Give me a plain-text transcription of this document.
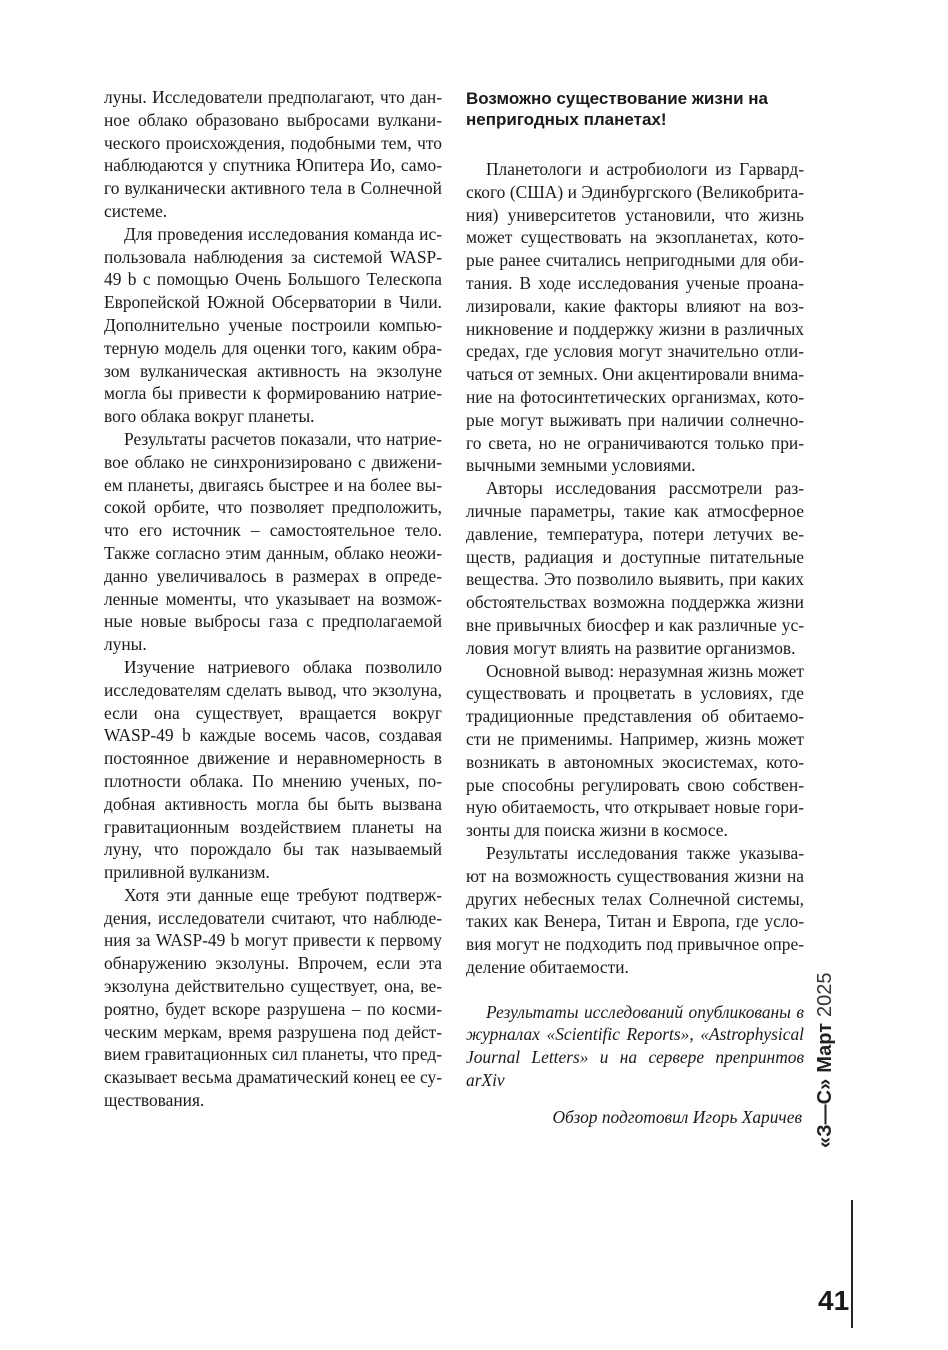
луны. Исследователи предполагают, что данное облако образовано выбросами вулканического происхождения, подобными тем, что наблюдаются у спутника Юпитера Ио, самого вулканически активного тела в Солнечной системе.

Для проведения исследования команда использовала наблюдения за системой WASP-49 b с помощью Очень Большого Телескопа Европейской Южной Обсерватории в Чили. Дополнительно ученые построили компьютерную модель для оценки того, каким образом вулканическая активность на экзолуне могла бы привести к формированию натриевого облака вокруг планеты.

Результаты расчетов показали, что натриевое облако не синхронизировано с движением планеты, двигаясь быстрее и на более высокой орбите, что позволяет предположить, что его источник – самостоятельное тело. Также согласно этим данным, облако неожиданно увеличивалось в размерах в определенные моменты, что указывает на возможные новые выбросы газа с предполагаемой луны.

Изучение натриевого облака позволило исследователям сделать вывод, что экзолуна, если она существует, вращается вокруг WASP-49 b каждые восемь часов, создавая постоянное движение и неравномерность в плотности облака. По мнению ученых, подобная активность могла бы быть вызвана гравитационным воздействием планеты на луну, что порождало бы так называемый приливной вулканизм.

Хотя эти данные еще требуют подтверждения, исследователи считают, что наблюдения за WASP-49 b могут привести к первому обнаружению экзолуны. Впрочем, если эта экзолуна действительно существует, она, вероятно, будет вскоре разрушена – по космическим меркам, время разрушена под действием гравитационных сил планеты, что предсказывает весьма драматический конец ее существования.

Возможно существование жизни на непригодных планетах!

Планетологи и астробиологи из Гарвардского (США) и Эдинбургского (Великобритания) университетов установили, что жизнь может существовать на экзопланетах, которые ранее считались непригодными для обитания. В ходе исследования ученые проанализировали, какие факторы влияют на возникновение и поддержку жизни в различных средах, где условия могут значительно отличаться от земных. Они акцентировали внимание на фотосинтетических организмах, которые могут выживать при наличии солнечного света, но не ограничиваются только привычными земными условиями.

Авторы исследования рассмотрели различные параметры, такие как атмосферное давление, температура, потери летучих веществ, радиация и доступные питательные вещества. Это позволило выявить, при каких обстоятельствах возможна поддержка жизни вне привычных биосфер и как различные условия могут влиять на развитие организмов.

Основной вывод: неразумная жизнь может существовать и процветать в условиях, где традиционные представления об обитаемости не применимы. Например, жизнь может возникать в автономных экосистемах, которые способны регулировать свою собственную обитаемость, что открывает новые горизонты для поиска жизни в космосе.

Результаты исследования также указывают на возможность существования жизни на других небесных телах Солнечной системы, таких как Венера, Титан и Европа, где условия могут не подходить под привычное определение обитаемости.

Результаты исследований опубликованы в журналах «Scientific Reports», «Astrophysical Journal Letters» и на сервере препринтов arXiv

Обзор подготовил Игорь Харичев «З—С»Март2025
41
